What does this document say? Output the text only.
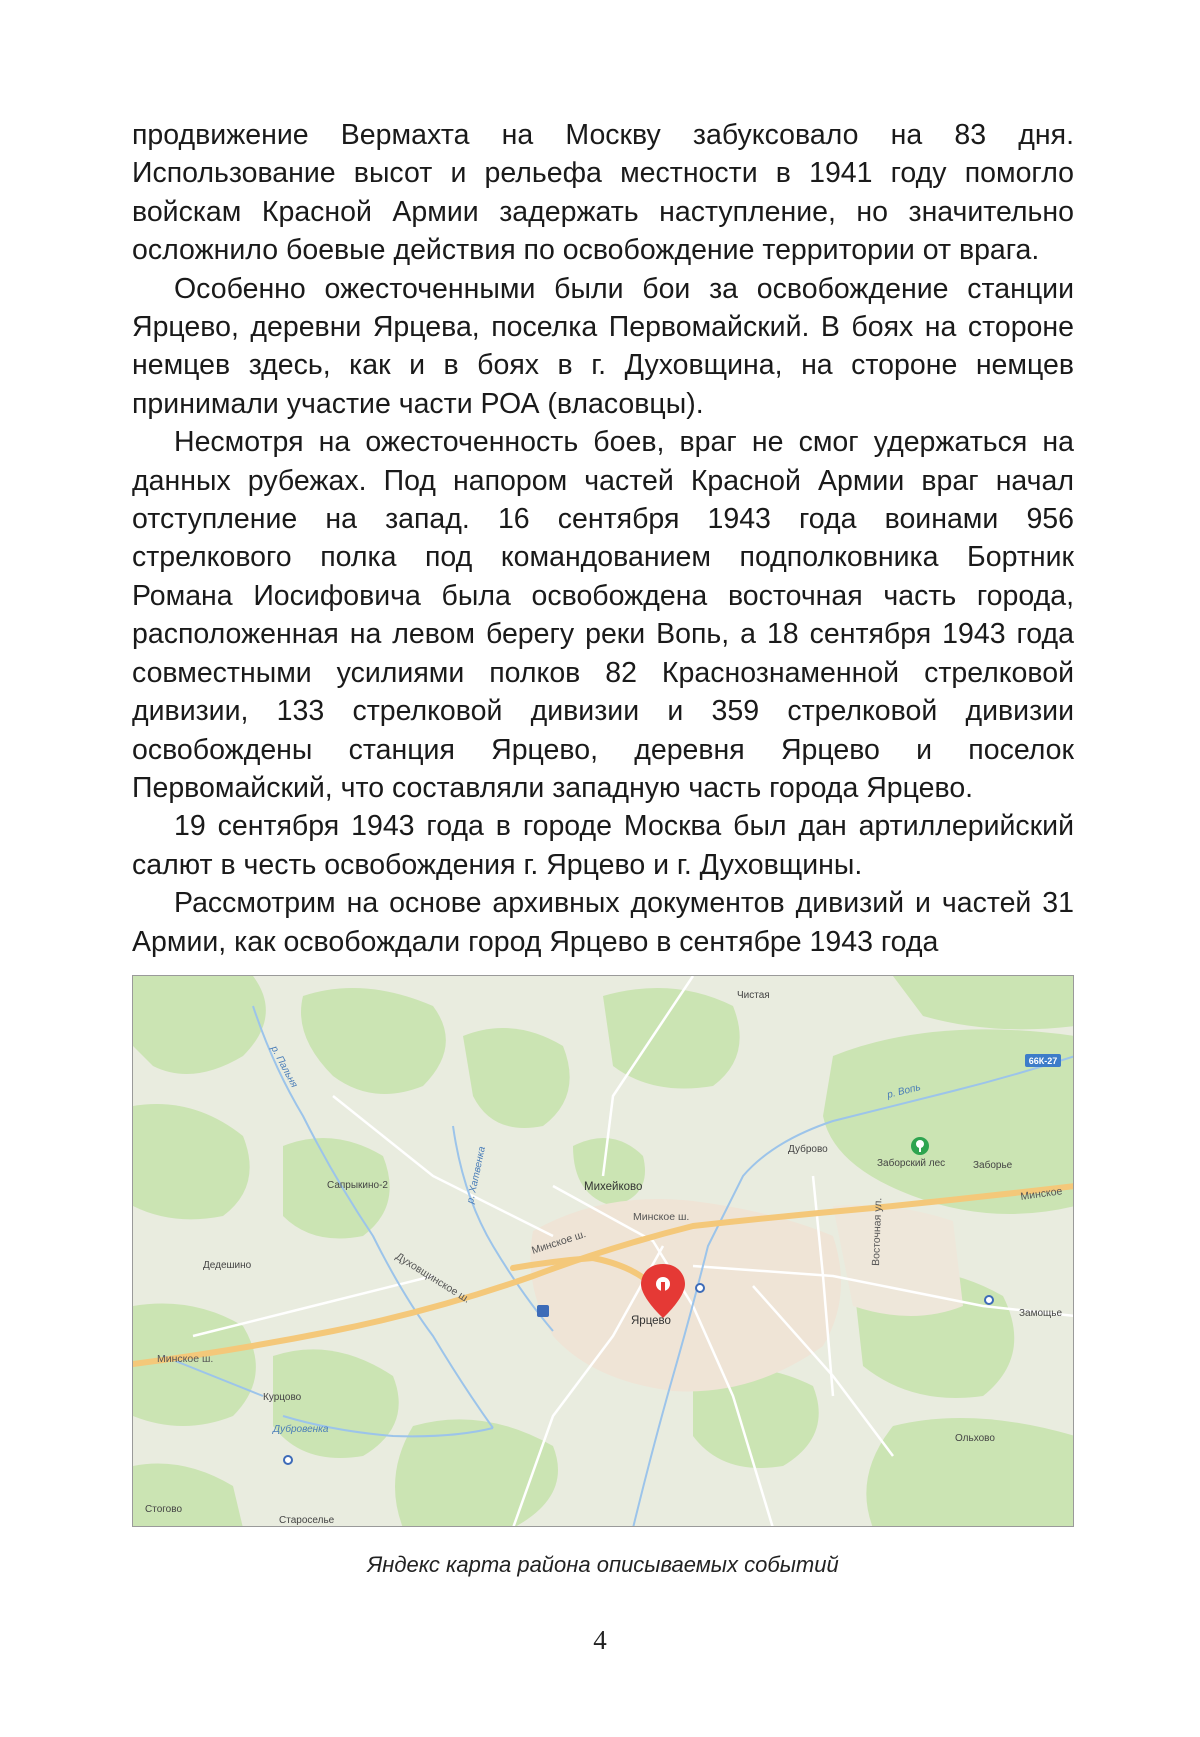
продвижение Вермахта на Москву забуксовало на 83 дня. Использование высот и рельефа местности в 1941 году помогло войскам Красной Армии задержать наступление, но значительно осложнило боевые действия по освобождение территории от врага.

Особенно ожесточенными были бои за освобождение станции Ярцево, деревни Ярцева, поселка Первомайский. В боях на стороне немцев здесь, как и в боях в г. Духовщина, на стороне немцев принимали участие части РОА (власовцы).

Несмотря на ожесточенность боев, враг не смог удержаться на данных рубежах. Под напором частей Красной Армии враг начал отступление на запад. 16 сентября 1943 года воинами 956 стрелкового полка под командованием подполковника Бортник Романа Иосифовича была освобождена восточная часть города, расположенная на левом берегу реки Вопь, а 18 сентября 1943 года совместными усилиями полков 82 Краснознаменной стрелковой дивизии, 133 стрелковой дивизии и 359 стрелковой дивизии освобождены станция Ярцево, деревня Ярцево и поселок Первомайский, что составляли западную часть города Ярцево.

19 сентября 1943 года в городе Москва был дан артиллерийский салют в честь освобождения г. Ярцево и г. Духовщины.

Рассмотрим на основе архивных документов дивизий и частей 31 Армии, как освобождали город Ярцево в сентябре 1943 года

66К-27
Чистая
Дуброво
Заборский лес	Заборье
Сапрыкино-2	Михейково
Дедешино
Ярцево
Замощье
Курцово
Ольхово
Стогово
Староселье
р. Пальня
р. Хатвенка
р. Вопь
Дубровенка
Минское ш.
Минское ш.
Минское ш.
Минское
Духовщинское ш.
Восточная ул.
Яндекс карта района описываемых событий
4
